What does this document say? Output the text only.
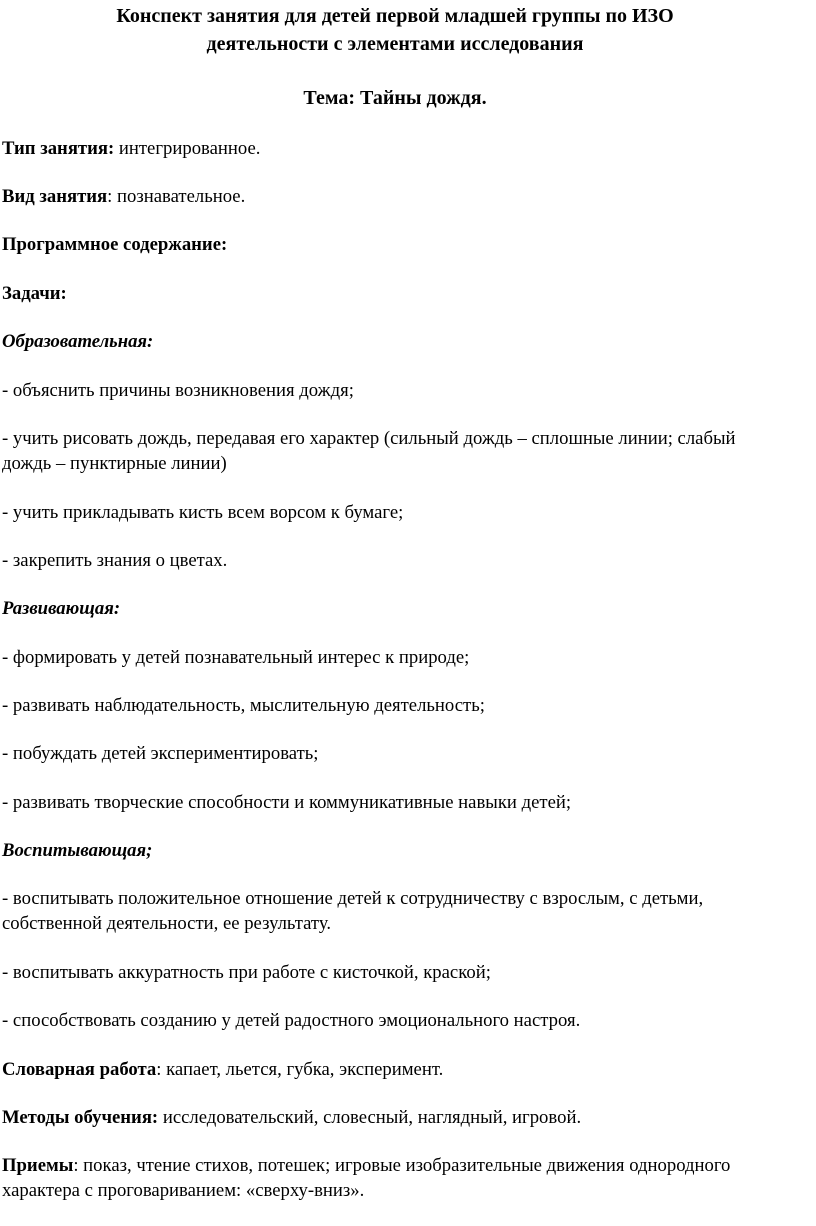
Конспект занятия для детей первой младшей группы по ИЗО

деятельности с элементами исследования

Тема: Тайны дождя.

Тип занятия: интегрированное.

Вид занятия: познавательное.

Программное содержание:

Задачи:

Образовательная:

- объяснить причины возникновения дождя;

- учить рисовать дождь, передавая его характер (сильный дождь – сплошные линии; слабый дождь – пунктирные линии)

- учить прикладывать кисть всем ворсом к бумаге;

- закрепить знания о цветах.

Развивающая:

- формировать у детей познавательный интерес к природе;

- развивать наблюдательность, мыслительную деятельность;

- побуждать детей экспериментировать;

- развивать творческие способности и коммуникативные навыки детей;

Воспитывающая;

- воспитывать положительное отношение детей к сотрудничеству с взрослым, с детьми, собственной деятельности, ее результату.

- воспитывать аккуратность при работе с кисточкой, краской;

- способствовать созданию у детей радостного эмоционального настроя.

Словарная работа: капает, льется, губка, эксперимент.

Методы обучения: исследовательский, словесный, наглядный, игровой.

Приемы: показ, чтение стихов, потешек; игровые изобразительные движения однородного характера с проговариванием: «сверху-вниз».
